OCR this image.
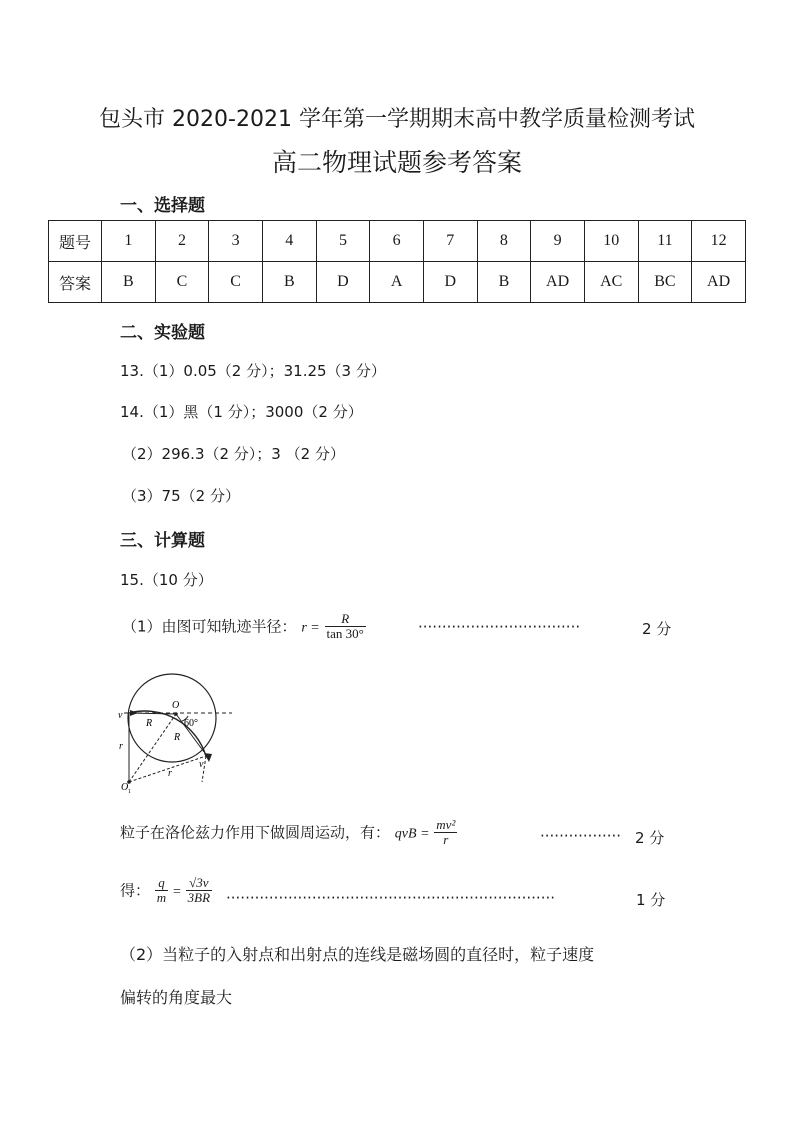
包头市 2020-2021 学年第一学期期末高中教学质量检测考试
高二物理试题参考答案
一、选择题
题号	1	2	3	4	5	6	7	8	9	10	11	12
答案	B	C	C	B	D	A	D	B	AD	AC	BC	AD
二、实验题
13.（1）0.05（2 分）；31.25（3 分）
14.（1）黑（1 分）；3000（2 分）
（2）296.3（2 分）；3 （2 分）
（3）75（2 分）
三、计算题
15.（10 分）
（1）由图可知轨迹半径： $r = \frac{R}{\tan 30^\circ}$	··································	2 分
v
O
R
R
60°
r
r
v
O 1
粒子在洛伦兹力作用下做圆周运动，有： qvB = $\frac{\text{mv²}}{r}$	················· 2 分
得： $\frac{q}{m} = \frac{√3v}{3BR}$ ·····································································	1 分
（2）当粒子的入射点和出射点的连线是磁场圆的直径时，粒子速度
偏转的角度最大
